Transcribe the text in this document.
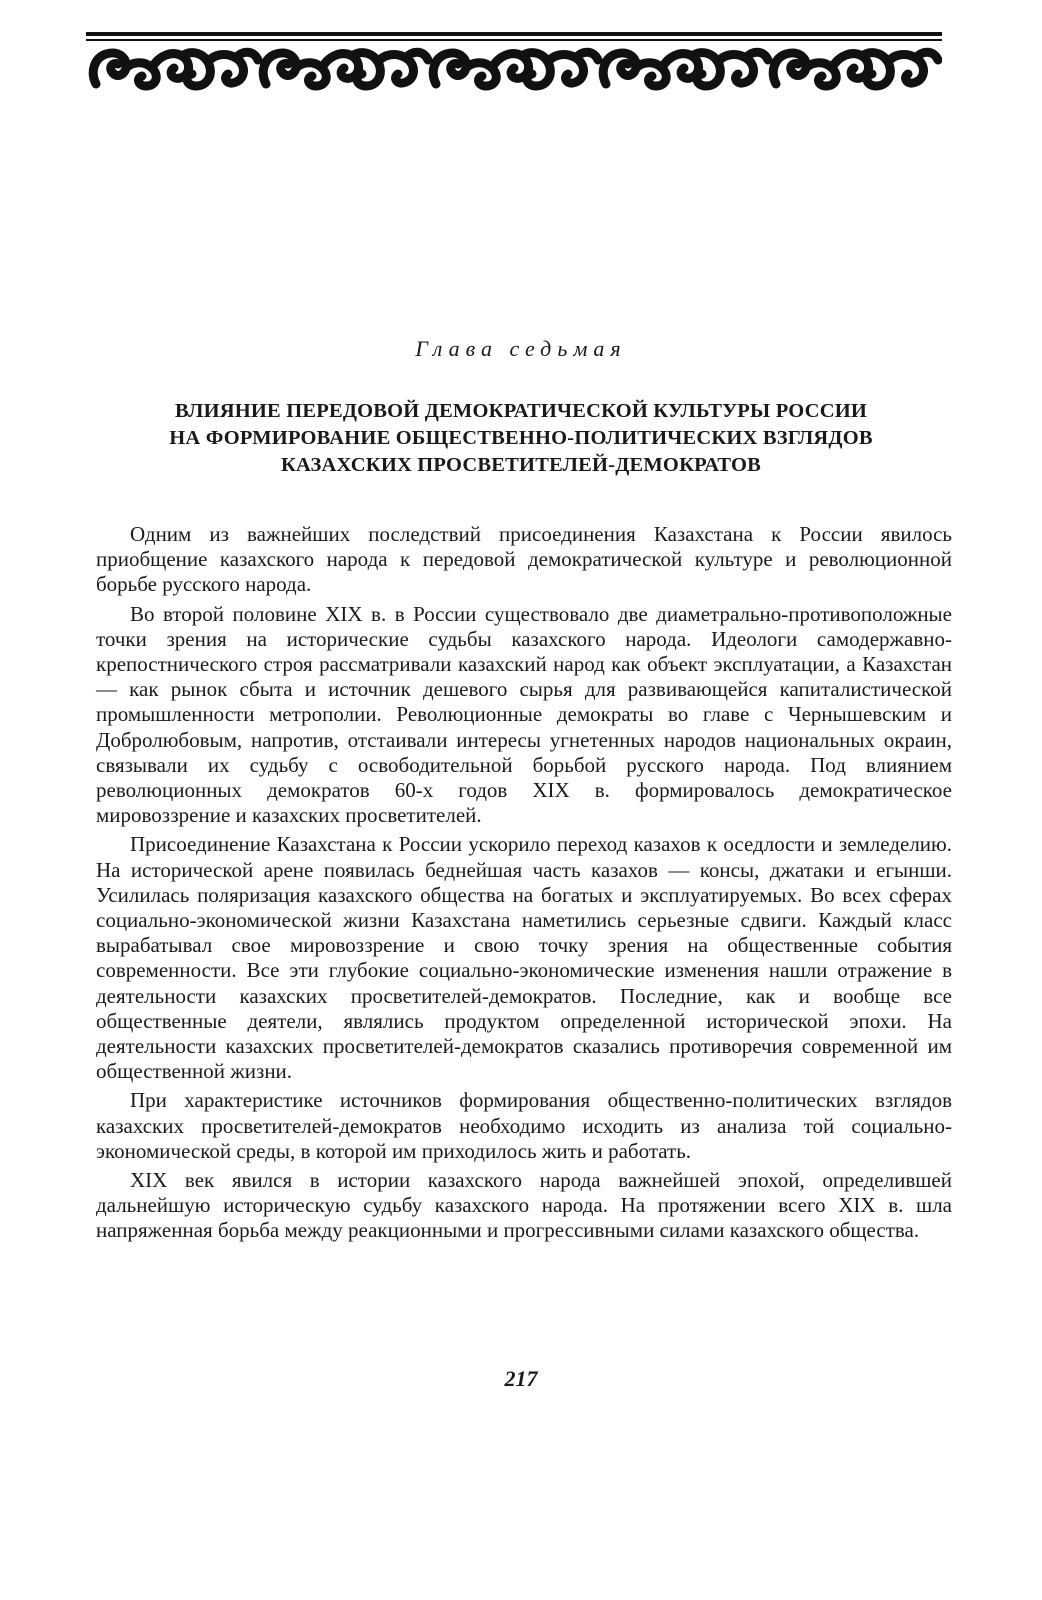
Глава седьмая
ВЛИЯНИЕ ПЕРЕДОВОЙ ДЕМОКРАТИЧЕСКОЙ КУЛЬТУРЫ РОССИИ
НА ФОРМИРОВАНИЕ ОБЩЕСТВЕННО-ПОЛИТИЧЕСКИХ ВЗГЛЯДОВ
КАЗАХСКИХ ПРОСВЕТИТЕЛЕЙ-ДЕМОКРАТОВ

Одним из важнейших последствий присоединения Казахстана к России явилось приобщение казахского народа к передовой демократической культуре и революционной борьбе русского народа.

Во второй половине XIX в. в России существовало две диаметрально-противоположные точки зрения на исторические судьбы казахского народа. Идеологи самодержавно-крепостнического строя рассматривали казахский народ как объект эксплуатации, а Казахстан — как рынок сбыта и источник дешевого сырья для развивающейся капиталистической промышленности метрополии. Революционные демократы во главе с Чернышевским и Добролюбовым, напротив, отстаивали интересы угнетенных народов национальных окраин, связывали их судьбу с освободительной борьбой русского народа. Под влиянием революционных демократов 60-х годов XIX в. формировалось демократическое мировоззрение и казахских просветителей.

Присоединение Казахстана к России ускорило переход казахов к оседлости и земледелию. На исторической арене появилась беднейшая часть казахов — консы, джатаки и егынши. Усилилась поляризация казахского общества на богатых и эксплуатируемых. Во всех сферах социально-экономической жизни Казахстана наметились серьезные сдвиги. Каждый класс вырабатывал свое мировоззрение и свою точку зрения на общественные события современности. Все эти глубокие социально-экономические изменения нашли отражение в деятельности казахских просветителей-демократов. Последние, как и вообще все общественные деятели, являлись продуктом определенной исторической эпохи. На деятельности казахских просветителей-демократов сказались противоречия современной им общественной жизни.

При характеристике источников формирования общественно-политических взглядов казахских просветителей-демократов необходимо исходить из анализа той социально-экономической среды, в которой им приходилось жить и работать.

XIX век явился в истории казахского народа важнейшей эпохой, определившей дальнейшую историческую судьбу казахского народа. На протяжении всего XIX в. шла напряженная борьба между реакционными и прогрессивными силами казахского общества.

217
